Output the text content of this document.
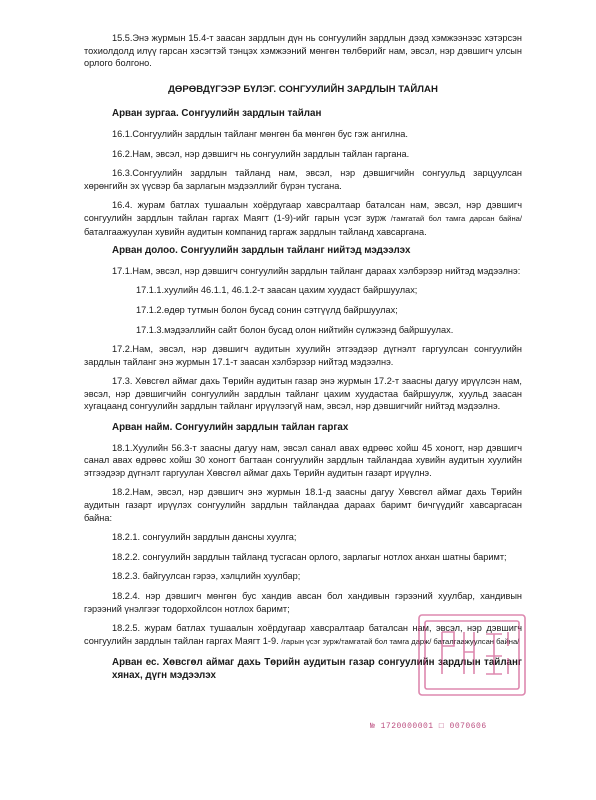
15.5.Энэ журмын 15.4-т заасан зардлын дүн нь сонгуулийн зардлын дээд хэмжээнээс хэтэрсэн тохиолдолд илүү гарсан хэсэгтэй тэнцэх хэмжээний мөнгөн төлбөрийг нам, эвсэл, нэр дэвшигч улсын орлого болгоно.

ДӨРӨВДҮГЭЭР БҮЛЭГ. СОНГУУЛИЙН ЗАРДЛЫН ТАЙЛАН

Арван зургаа. Сонгуулийн зардлын тайлан

16.1.Сонгуулийн зардлын тайланг мөнгөн ба мөнгөн бус гэж ангилна.

16.2.Нам, эвсэл, нэр дэвшигч нь сонгуулийн зардлын тайлан гаргана.

16.3.Сонгуулийн зардлын тайланд нам, эвсэл, нэр дэвшигчийн сонгуульд зарцуулсан хөрөнгийн эх үүсвэр ба зарлагын мэдээллийг бүрэн тусгана.

16.4. журам батлах тушаалын хоёрдугаар хавсралтаар баталсан нам, эвсэл, нэр дэвшигч сонгуулийн зардлын тайлан гаргах Маягт (1-9)-ийг гарын үсэг зурж /тамгатай бол тамга дарсан байна/ баталгаажуулан хувийн аудитын компанид гаргаж зардлын тайланд хавсаргана.

Арван долоо. Сонгуулийн зардлын тайланг нийтэд мэдээлэх

17.1.Нам, эвсэл, нэр дэвшигч сонгуулийн зардлын тайланг дараах хэлбэрээр нийтэд мэдээлнэ:

17.1.1.хуулийн 46.1.1, 46.1.2-т заасан цахим хуудаст байршуулах;

17.1.2.өдөр тутмын болон бусад сонин сэтгүүлд байршуулах;

17.1.3.мэдээллийн сайт болон бусад олон нийтийн сүлжээнд байршуулах.

17.2.Нам, эвсэл, нэр дэвшигч аудитын хуулийн этгээдээр дүгнэлт гаргуулсан сонгуулийн зардлын тайланг энэ журмын 17.1-т заасан хэлбэрээр нийтэд мэдээлнэ.

17.3. Хөвсгөл аймаг дахь Төрийн аудитын газар энэ журмын 17.2-т заасны дагуу ирүүлсэн нам, эвсэл, нэр дэвшигчийн сонгуулийн зардлын тайланг цахим хуудастаа байршуулж, хуульд заасан хугацаанд сонгуулийн зардлын тайланг ирүүлээгүй нам, эвсэл, нэр дэвшигчийг нийтэд мэдээлнэ.

Арван найм. Сонгуулийн зардлын тайлан гаргах

18.1.Хуулийн 56.3-т заасны дагуу нам, эвсэл санал авах өдрөөс хойш 45 хоногт, нэр дэвшигч санал авах өдрөөс хойш 30 хоногт багтаан сонгуулийн зардлын тайландаа хувийн аудитын хуулийн этгээдээр дүгнэлт гаргуулан Хөвсгөл аймаг дахь Төрийн аудитын газарт ирүүлнэ.

18.2.Нам, эвсэл, нэр дэвшигч энэ журмын 18.1-д заасны дагуу Хөвсгөл аймаг дахь Төрийн аудитын газарт ирүүлэх сонгуулийн зардлын тайландаа дараах баримт бичгүүдийг хавсаргасан байна:

18.2.1. сонгуулийн зардлын дансны хуулга;

18.2.2. сонгуулийн зардлын тайланд тусгасан орлого, зарлагыг нотлох анхан шатны баримт;

18.2.3. байгуулсан гэрээ, хэлцлийн хуулбар;

18.2.4. нэр дэвшигч мөнгөн бус хандив авсан бол хандивын гэрээний хуулбар, хандивын гэрээний үнэлгээг тодорхойлсон нотлох баримт;

18.2.5. журам батлах тушаалын хоёрдугаар хавсралтаар баталсан нам, эвсэл, нэр дэвшигч сонгуулийн зардлын тайлан гаргах Маягт 1-9. /гарын үсэг зурж/тамгатай бол тамга дарж/ баталгаажуулсан байна/

Арван ес. Хөвсгөл аймаг дахь Төрийн аудитын газар сонгуулийн зардлын тайланг хянах, дүгн мэдээлэх

№ 1720000001 □ 0070606
